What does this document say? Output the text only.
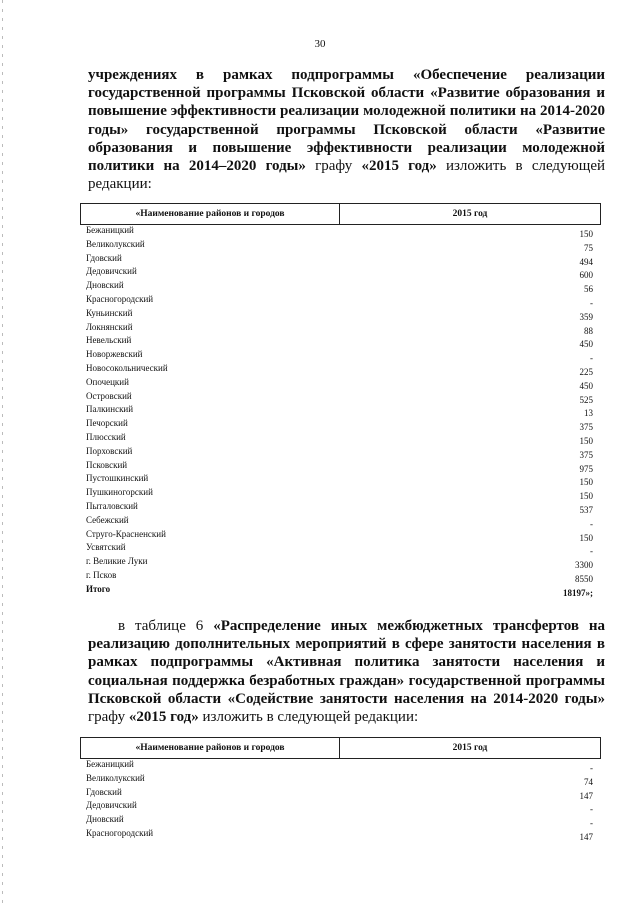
30
учреждениях в рамках подпрограммы «Обеспечение реализации
государственной программы Псковской области «Развитие образования и
повышение эффективности реализации молодежной политики на 2014-2020
годы» государственной программы Псковской области «Развитие
образования и повышение эффективности реализации молодежной
политики на 2014–2020 годы» графу «2015 год» изложить в следующей
редакции:
«Наименование районов и городов	2015 год
Бежаницкий	150
Великолукский	75
Гдовский	494
Дедовичский	600
Дновский	56
Красногородский	-
Куньинский	359
Локнянский	88
Невельский	450
Новоржевский	-
Новосокольнический	225
Опочецкий	450
Островский	525
Палкинский	13
Печорский	375
Плюсский	150
Порховский	375
Псковский	975
Пустошкинский	150
Пушкиногорский	150
Пыталовский	537
Себежский	-
Струго-Красненский	150
Усвятский	-
г. Великие Луки	3300
г. Псков	8550
Итого	18197»;
в таблице 6 «Распределение иных межбюджетных трансфертов на
реализацию дополнительных мероприятий в сфере занятости населения в
рамках подпрограммы «Активная политика занятости населения и
социальная поддержка безработных граждан» государственной программы
Псковской области «Содействие занятости населения на 2014-2020 годы»
графу «2015 год» изложить в следующей редакции:
«Наименование районов и городов	2015 год
Бежаницкий	-
Великолукский	74
Гдовский	147
Дедовичский	-
Дновский	-
Красногородский	147
